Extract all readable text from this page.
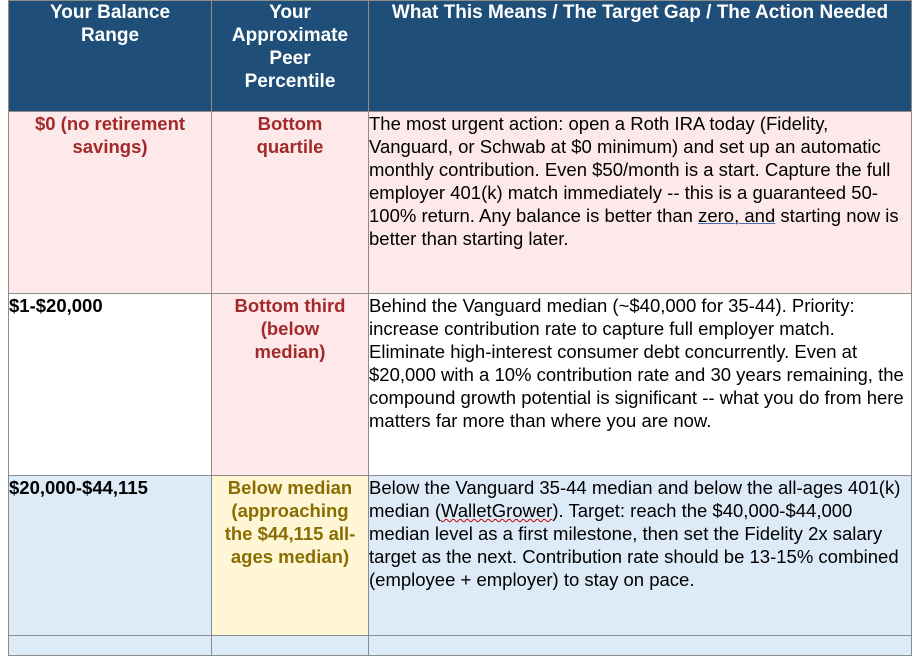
Your Balance Range	Your Approximate Peer Percentile	What This Means / The Target Gap / The Action Needed
$0 (no retirement savings)	Bottom quartile	The most urgent action: open a Roth IRA today (Fidelity, Vanguard, or Schwab at $0 minimum) and set up an automatic monthly contribution. Even $50/month is a start. Capture the full employer 401(k) match immediately -- this is a guaranteed 50-100% return. Any balance is better than zero, and starting now is better than starting later.
$1-$20,000	Bottom third (below median)	Behind the Vanguard median (~$40,000 for 35-44). Priority: increase contribution rate to capture full employer match. Eliminate high-interest consumer debt concurrently. Even at $20,000 with a 10% contribution rate and 30 years remaining, the compound growth potential is significant -- what you do from here matters far more than where you are now.
$20,000-$44,115	Below median (approaching the $44,115 all-ages median)	Below the Vanguard 35-44 median and below the all-ages 401(k) median (WalletGrower). Target: reach the $40,000-$44,000 median level as a first milestone, then set the Fidelity 2x salary target as the next. Contribution rate should be 13-15% combined (employee + employer) to stay on pace.
